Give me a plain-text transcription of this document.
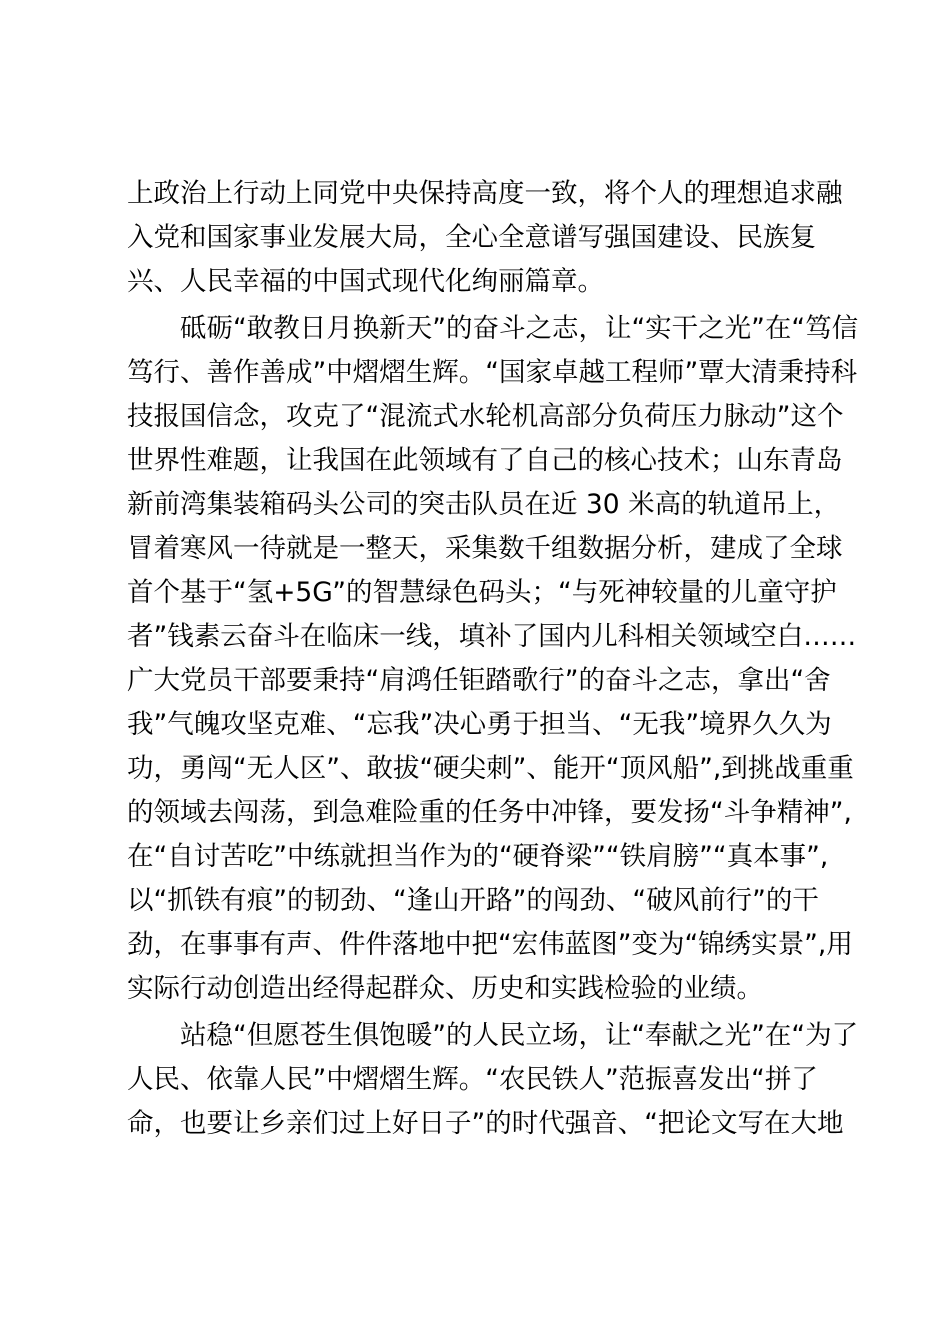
上政治上行动上同党中央保持高度一致，将个人的理想追求融
入党和国家事业发展大局，全心全意谱写强国建设、民族复
兴、人民幸福的中国式现代化绚丽篇章。
　　砥砺“敢教日月换新天”的奋斗之志，让“实干之光”在“笃信
笃行、善作善成”中熠熠生辉。“国家卓越工程师”覃大清秉持科
技报国信念，攻克了“混流式水轮机高部分负荷压力脉动”这个
世界性难题，让我国在此领域有了自己的核心技术；山东青岛
新前湾集装箱码头公司的突击队员在近 30 米高的轨道吊上，
冒着寒风一待就是一整天，采集数千组数据分析，建成了全球
首个基于“氢+5G”的智慧绿色码头；“与死神较量的儿童守护
者”钱素云奋斗在临床一线，填补了国内儿科相关领域空白……
广大党员干部要秉持“肩鸿任钜踏歌行”的奋斗之志，拿出“舍
我”气魄攻坚克难、“忘我”决心勇于担当、“无我”境界久久为
功，勇闯“无人区”、敢拔“硬尖刺”、能开“顶风船”,到挑战重重
的领域去闯荡，到急难险重的任务中冲锋，要发扬“斗争精神”,
在“自讨苦吃”中练就担当作为的“硬脊梁”“铁肩膀”“真本事”,
以“抓铁有痕”的韧劲、“逢山开路”的闯劲、“破风前行”的干
劲，在事事有声、件件落地中把“宏伟蓝图”变为“锦绣实景”,用
实际行动创造出经得起群众、历史和实践检验的业绩。
　　站稳“但愿苍生俱饱暖”的人民立场，让“奉献之光”在“为了
人民、依靠人民”中熠熠生辉。“农民铁人”范振喜发出“拼了
命，也要让乡亲们过上好日子”的时代强音、“把论文写在大地
